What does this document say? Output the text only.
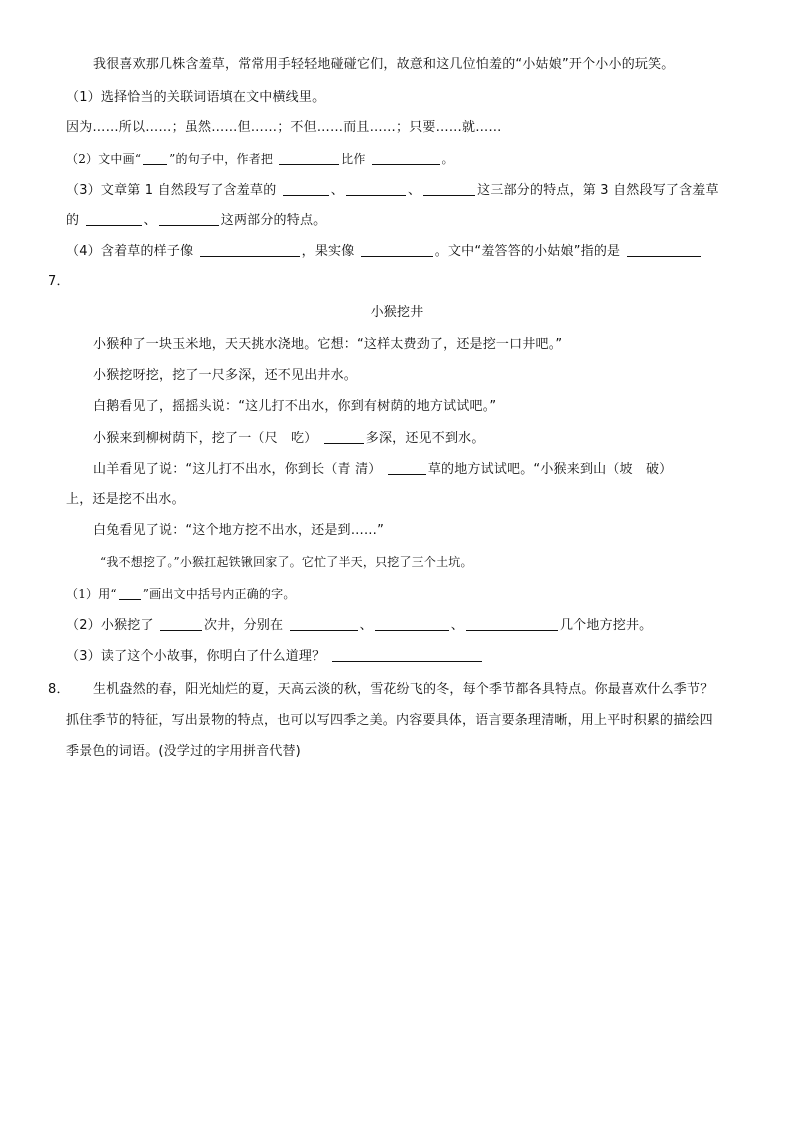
我很喜欢那几株含羞草，常常用手轻轻地碰碰它们，故意和这几位怕羞的“小姑娘”开个小小的玩笑。
（1）选择恰当的关联词语填在文中横线里。
因为……所以……；虽然……但……；不但……而且……；只要……就……
（2）文中画“ ”的句子中，作者把	比作	。
（3）文章第 1 自然段写了含羞草的	、	、	这三部分的特点，第 3 自然段写了含羞草
的	、	这两部分的特点。
（4）含着草的样子像	，果实像	。文中“羞答答的小姑娘”指的是
7．
小猴挖井
小猴种了一块玉米地，天天挑水浇地。它想：“这样太费劲了，还是挖一口井吧。”
小猴挖呀挖，挖了一尺多深，还不见出井水。
白鹅看见了，摇摇头说：“这儿打不出水，你到有树荫的地方试试吧。”
小猴来到柳树荫下，挖了一（尺　吃）	多深，还见不到水。
山羊看见了说：“这儿打不出水，你到长（青 清）	草的地方试试吧。“小猴来到山（坡　破）
上，还是挖不出水。
白兔看见了说：“这个地方挖不出水，还是到……”
“我不想挖了。”小猴扛起铁锹回家了。它忙了半天，只挖了三个土坑。
（1）用“ ”画出文中括号内正确的字。
（2）小猴挖了	次井，分别在	、	、	几个地方挖井。
（3）读了这个小故事，你明白了什么道理？
8． 生机盎然的春，阳光灿烂的夏，天高云淡的秋，雪花纷飞的冬，每个季节都各具特点。你最喜欢什么季节？
抓住季节的特征，写出景物的特点，也可以写四季之美。内容要具体，语言要条理清晰，用上平时积累的描绘四
季景色的词语。(没学过的字用拼音代替)
